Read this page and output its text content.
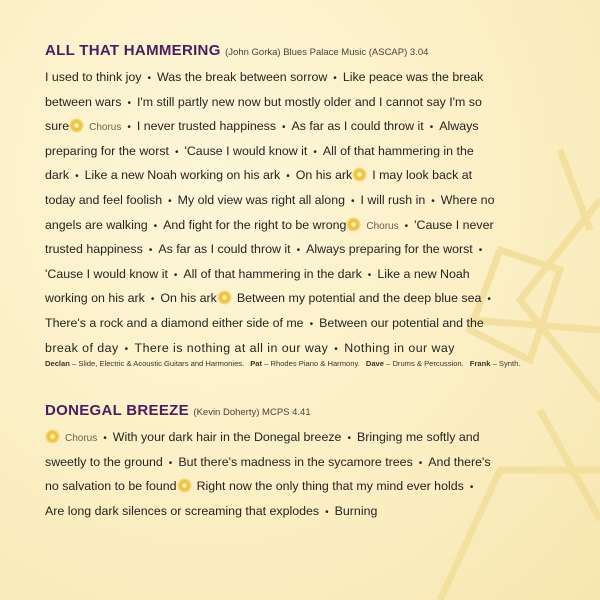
ALL THAT HAMMERING (John Gorka) Blues Palace Music (ASCAP) 3.04
I used to think joy • Was the break between sorrow • Like peace was the break
between wars • I'm still partly new now but mostly older and I cannot say I'm so
sure Chorus • I never trusted happiness • As far as I could throw it • Always
preparing for the worst • 'Cause I would know it • All of that hammering in the
dark • Like a new Noah working on his ark • On his ark I may look back at
today and feel foolish • My old view was right all along • I will rush in • Where no
angels are walking • And fight for the right to be wrong Chorus • 'Cause I never
trusted happiness • As far as I could throw it • Always preparing for the worst •
'Cause I would know it • All of that hammering in the dark • Like a new Noah
working on his ark • On his ark Between my potential and the deep blue sea •
There's a rock and a diamond either side of me • Between our potential and the
break of day • There is nothing at all in our way • Nothing in our way
Declan – Slide, Electric & Acoustic Guitars and Harmonies. Pat – Rhodes Piano & Harmony. Dave – Drums & Percussion. Frank – Synth.
DONEGAL BREEZE (Kevin Doherty) MCPS 4.41
Chorus • With your dark hair in the Donegal breeze • Bringing me softly and
sweetly to the ground • But there's madness in the sycamore trees • And there's
no salvation to be found Right now the only thing that my mind ever holds •
Are long dark silences or screaming that explodes • Burning
